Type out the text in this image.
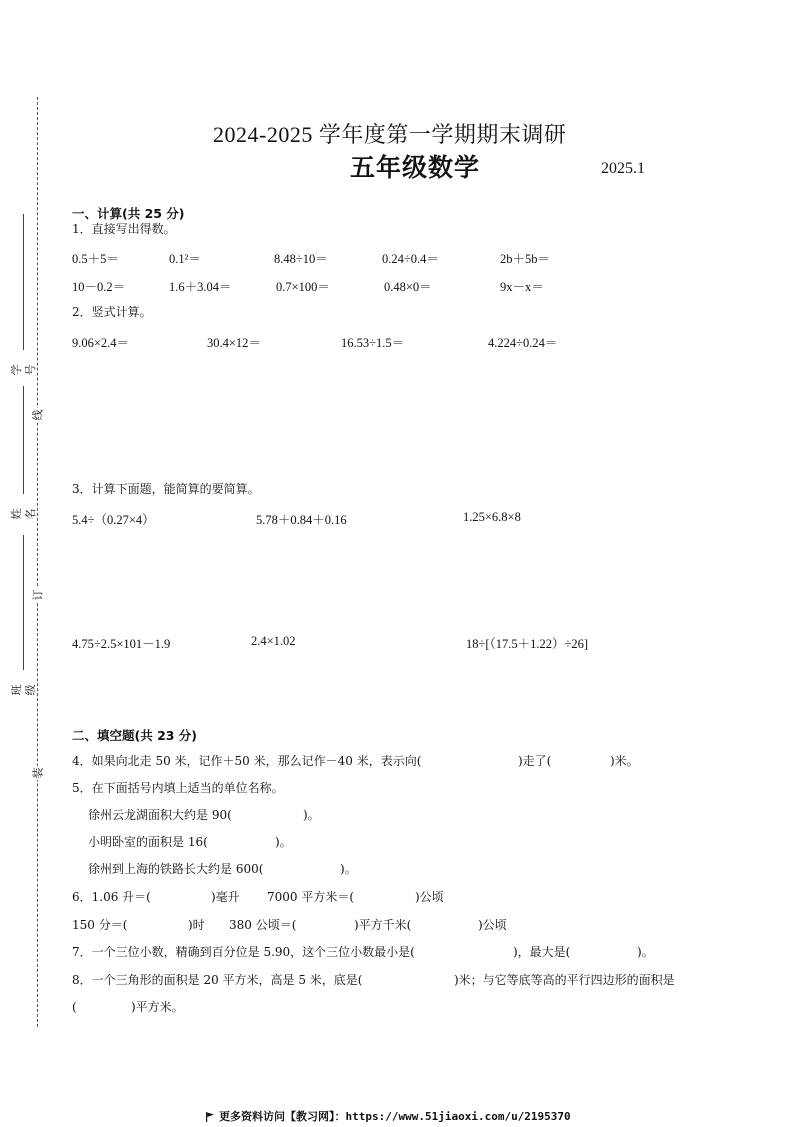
学号
姓名
班级
线
订
装
2024-2025 学年度第一学期期末调研
五年级数学	2025.1
一、计算(共 25 分)
1．直接写出得数。
0.5＋5＝	0.1²＝	8.48÷10＝	0.24÷0.4＝	2b＋5b＝
10－0.2＝	1.6＋3.04＝	0.7×100＝	0.48×0＝	9x－x＝
2．竖式计算。
9.06×2.4＝	30.4×12＝	16.53÷1.5＝	4.224÷0.24＝
3．计算下面题，能简算的要简算。
5.4÷（0.27×4）	5.78＋0.84＋0.16	1.25×6.8×8
4.75÷2.5×101－1.9	2.4×1.02	18÷[（17.5＋1.22）÷26]
二、填空题(共 23 分)
4．如果向北走 50 米，记作＋50 米，那么记作－40 米，表示向(	)走了(	)米。
5．在下面括号内填上适当的单位名称。
徐州云龙湖面积大约是 90(	)。
小明卧室的面积是 16(	)。
徐州到上海的铁路长大约是 600(	)。
6．1.06 升＝(	)毫升 7000 平方米＝(	)公顷
150 分＝(	)时 380 公顷＝(	)平方千米(	)公顷
7．一个三位小数，精确到百分位是 5.90，这个三位小数最小是(	)，最大是(	)。
8．一个三角形的面积是 20 平方米，高是 5 米，底是(	)米；与它等底等高的平行四边形的面积是
(	)平方米。
更多资料访问【教习网】：https://www.51jiaoxi.com/u/2195370
